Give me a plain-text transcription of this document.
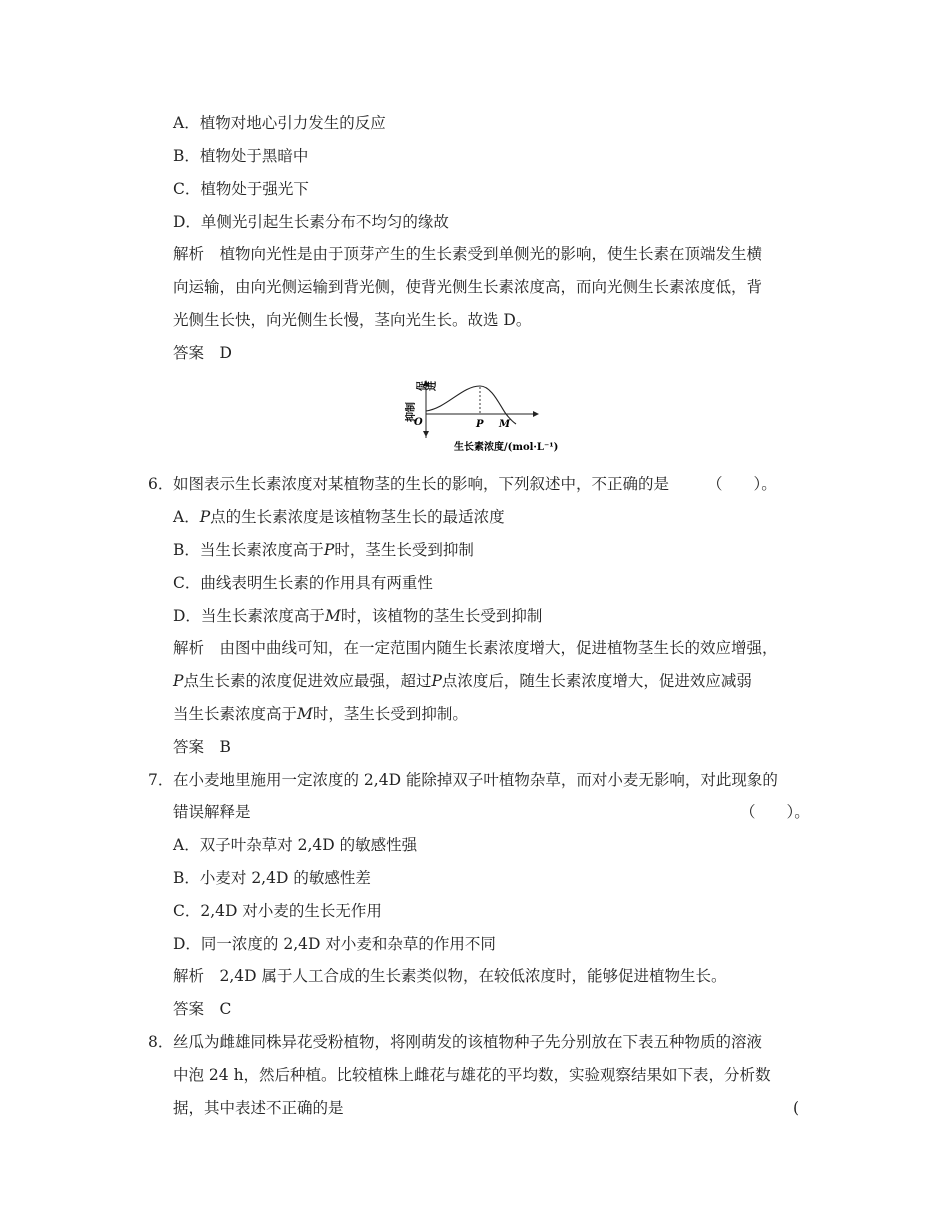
A．植物对地心引力发生的反应
B．植物处于黑暗中
C．植物处于强光下
D．单侧光引起生长素分布不均匀的缘故
解析　植物向光性是由于顶芽产生的生长素受到单侧光的影响，使生长素在顶端发生横
向运输，由向光侧运输到背光侧，使背光侧生长素浓度高，而向光侧生长素浓度低，背
光侧生长快，向光侧生长慢，茎向光生长。故选 D。
答案　D
促进
抑制
O	P M
生长素浓度/(mol·L⁻¹)
6．如图表示生长素浓度对某植物茎的生长的影响，下列叙述中，不正确的是 （　　）。
A．P点的生长素浓度是该植物茎生长的最适浓度
B．当生长素浓度高于P时，茎生长受到抑制
C．曲线表明生长素的作用具有两重性
D．当生长素浓度高于M时，该植物的茎生长受到抑制
解析　由图中曲线可知，在一定范围内随生长素浓度增大，促进植物茎生长的效应增强，
P点生长素的浓度促进效应最强，超过P点浓度后，随生长素浓度增大，促进效应减弱
当生长素浓度高于M时，茎生长受到抑制。
答案　B
7．在小麦地里施用一定浓度的 2,4D 能除掉双子叶植物杂草，而对小麦无影响，对此现象的
错误解释是	（　　）。
A．双子叶杂草对 2,4D 的敏感性强
B．小麦对 2,4D 的敏感性差
C．2,4D 对小麦的生长无作用
D．同一浓度的 2,4D 对小麦和杂草的作用不同
解析　2,4D 属于人工合成的生长素类似物，在较低浓度时，能够促进植物生长。
答案　C
8．丝瓜为雌雄同株异花受粉植物，将刚萌发的该植物种子先分别放在下表五种物质的溶液
中泡 24 h，然后种植。比较植株上雌花与雄花的平均数，实验观察结果如下表，分析数
据，其中表述不正确的是	(
